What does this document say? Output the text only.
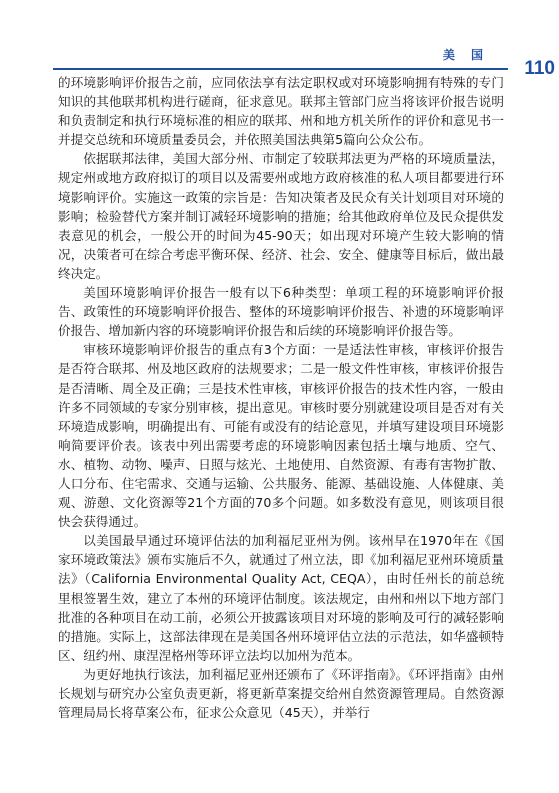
美 国
110

的环境影响评价报告之前，应同依法享有法定职权或对环境影响拥有特殊的专门知识的其他联邦机构进行磋商，征求意见。联邦主管部门应当将该评价报告说明和负责制定和执行环境标准的相应的联邦、州和地方机关所作的评价和意见书一并提交总统和环境质量委员会，并依照美国法典第5篇向公众公布。

依据联邦法律，美国大部分州、市制定了较联邦法更为严格的环境质量法，规定州或地方政府拟订的项目以及需要州或地方政府核准的私人项目都要进行环境影响评价。实施这一政策的宗旨是：告知决策者及民众有关计划项目对环境的影响；检验替代方案并制订减轻环境影响的措施；给其他政府单位及民众提供发表意见的机会，一般公开的时间为45-90天；如出现对环境产生较大影响的情况，决策者可在综合考虑平衡环保、经济、社会、安全、健康等目标后，做出最终决定。

美国环境影响评价报告一般有以下6种类型：单项工程的环境影响评价报告、政策性的环境影响评价报告、整体的环境影响评价报告、补遗的环境影响评价报告、增加新内容的环境影响评价报告和后续的环境影响评价报告等。

审核环境影响评价报告的重点有3个方面：一是适法性审核，审核评价报告是否符合联邦、州及地区政府的法规要求；二是一般文件性审核，审核评价报告是否清晰、周全及正确；三是技术性审核，审核评价报告的技术性内容，一般由许多不同领域的专家分别审核，提出意见。审核时要分别就建设项目是否对有关环境造成影响，明确提出有、可能有或没有的结论意见，并填写建设项目环境影响简要评价表。该表中列出需要考虑的环境影响因素包括土壤与地质、空气、水、植物、动物、噪声、日照与炫光、土地使用、自然资源、有毒有害物扩散、人口分布、住宅需求、交通与运输、公共服务、能源、基础设施、人体健康、美观、游憩、文化资源等21个方面的70多个问题。如多数没有意见，则该项目很快会获得通过。

以美国最早通过环境评估法的加利福尼亚州为例。该州早在1970年在《国家环境政策法》颁布实施后不久，就通过了州立法，即《加利福尼亚州环境质量法》（California Environmental Quality Act, CEQA），由时任州长的前总统里根签署生效，建立了本州的环境评估制度。该法规定，由州和州以下地方部门批准的各种项目在动工前，必须公开披露该项目对环境的影响及可行的减轻影响的措施。实际上，这部法律现在是美国各州环境评估立法的示范法，如华盛顿特区、纽约州、康涅涅格州等环评立法均以加州为范本。

为更好地执行该法，加利福尼亚州还颁布了《环评指南》。《环评指南》由州长规划与研究办公室负责更新，将更新草案提交给州自然资源管理局。自然资源管理局局长将草案公布，征求公众意见（45天），并举行
